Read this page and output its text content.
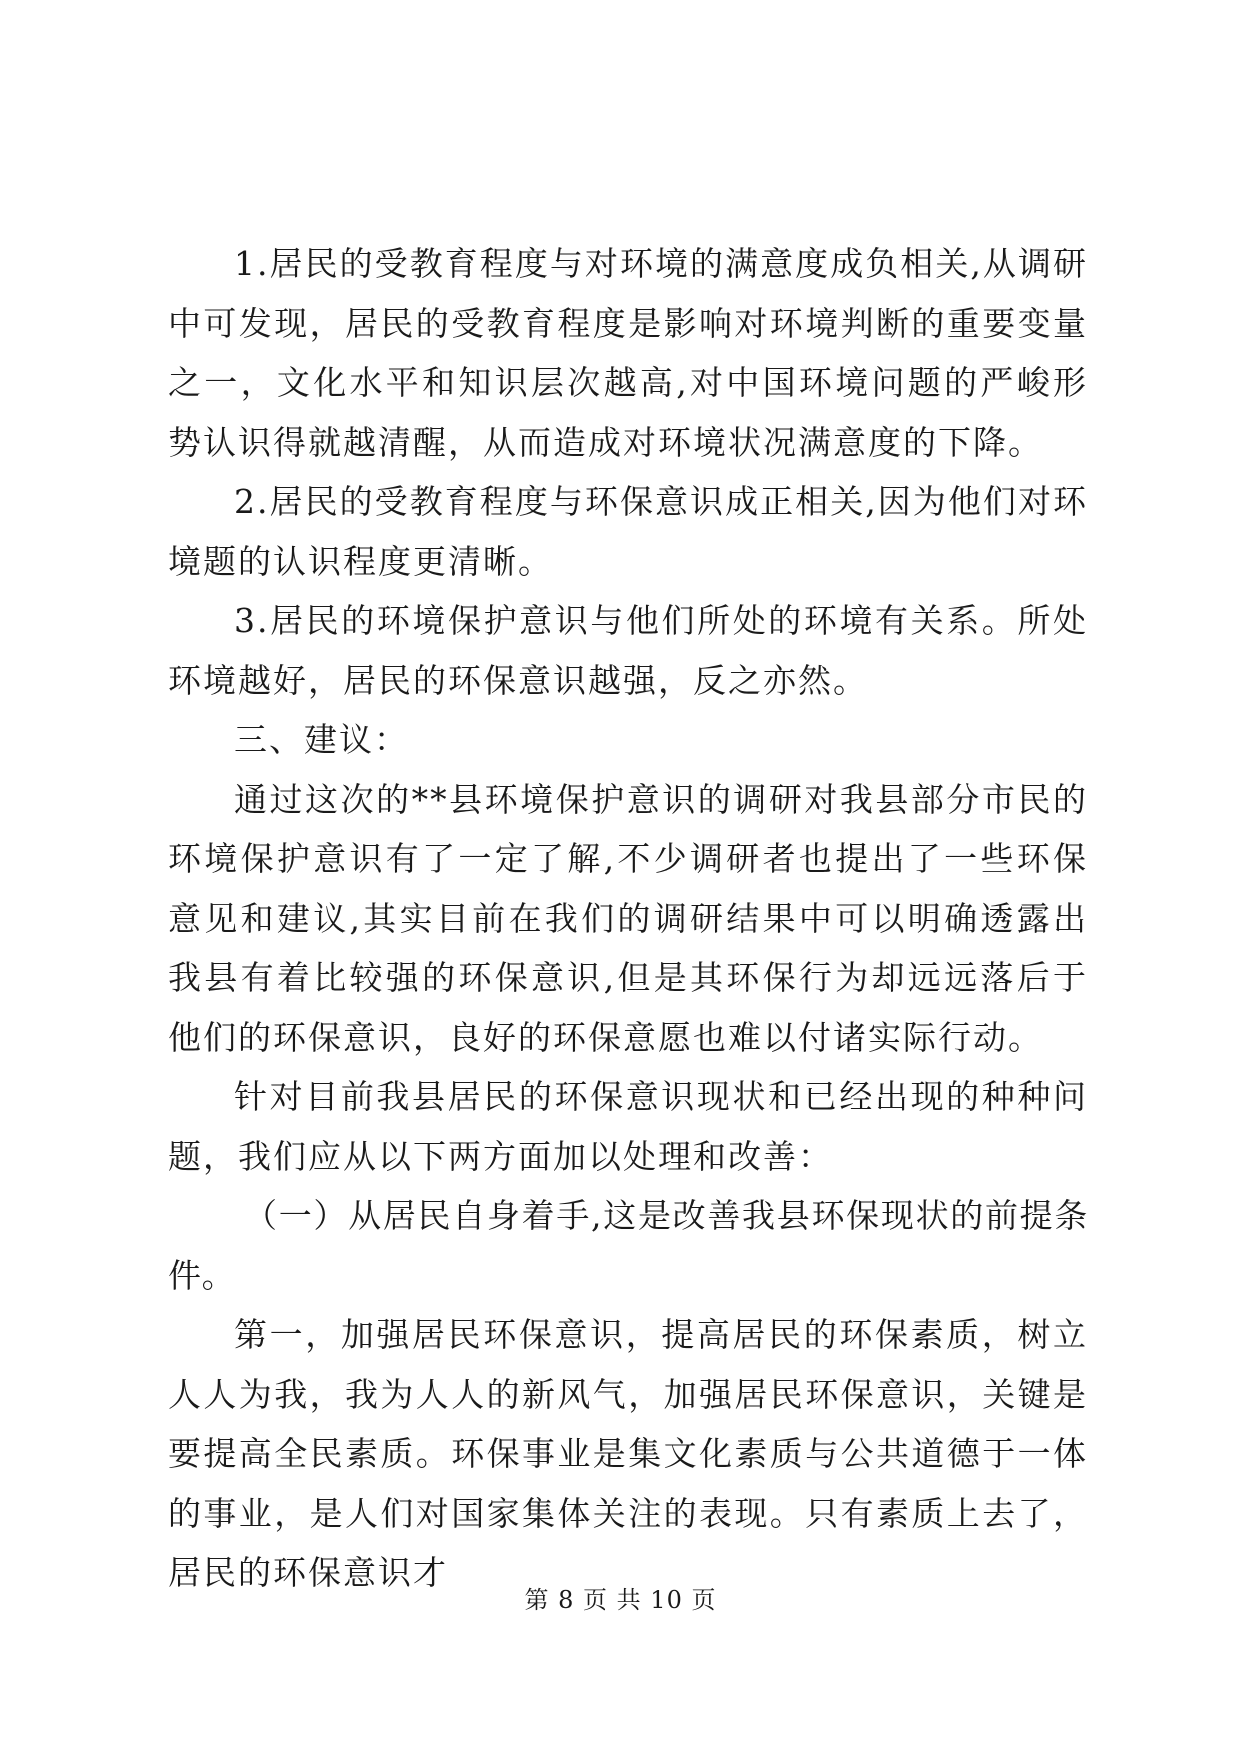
1.居民的受教育程度与对环境的满意度成负相关,从调研中可发现，居民的受教育程度是影响对环境判断的重要变量之一，文化水平和知识层次越高,对中国环境问题的严峻形势认识得就越清醒，从而造成对环境状况满意度的下降。

2.居民的受教育程度与环保意识成正相关,因为他们对环境题的认识程度更清晰。

3.居民的环境保护意识与他们所处的环境有关系。所处环境越好，居民的环保意识越强，反之亦然。

三、建议：

通过这次的**县环境保护意识的调研对我县部分市民的环境保护意识有了一定了解,不少调研者也提出了一些环保意见和建议,其实目前在我们的调研结果中可以明确透露出我县有着比较强的环保意识,但是其环保行为却远远落后于他们的环保意识，良好的环保意愿也难以付诸实际行动。

针对目前我县居民的环保意识现状和已经出现的种种问题，我们应从以下两方面加以处理和改善：

（一）从居民自身着手,这是改善我县环保现状的前提条件。

第一，加强居民环保意识，提高居民的环保素质，树立人人为我，我为人人的新风气，加强居民环保意识，关键是要提高全民素质。环保事业是集文化素质与公共道德于一体的事业，是人们对国家集体关注的表现。只有素质上去了，居民的环保意识才

第 8 页 共 10 页
